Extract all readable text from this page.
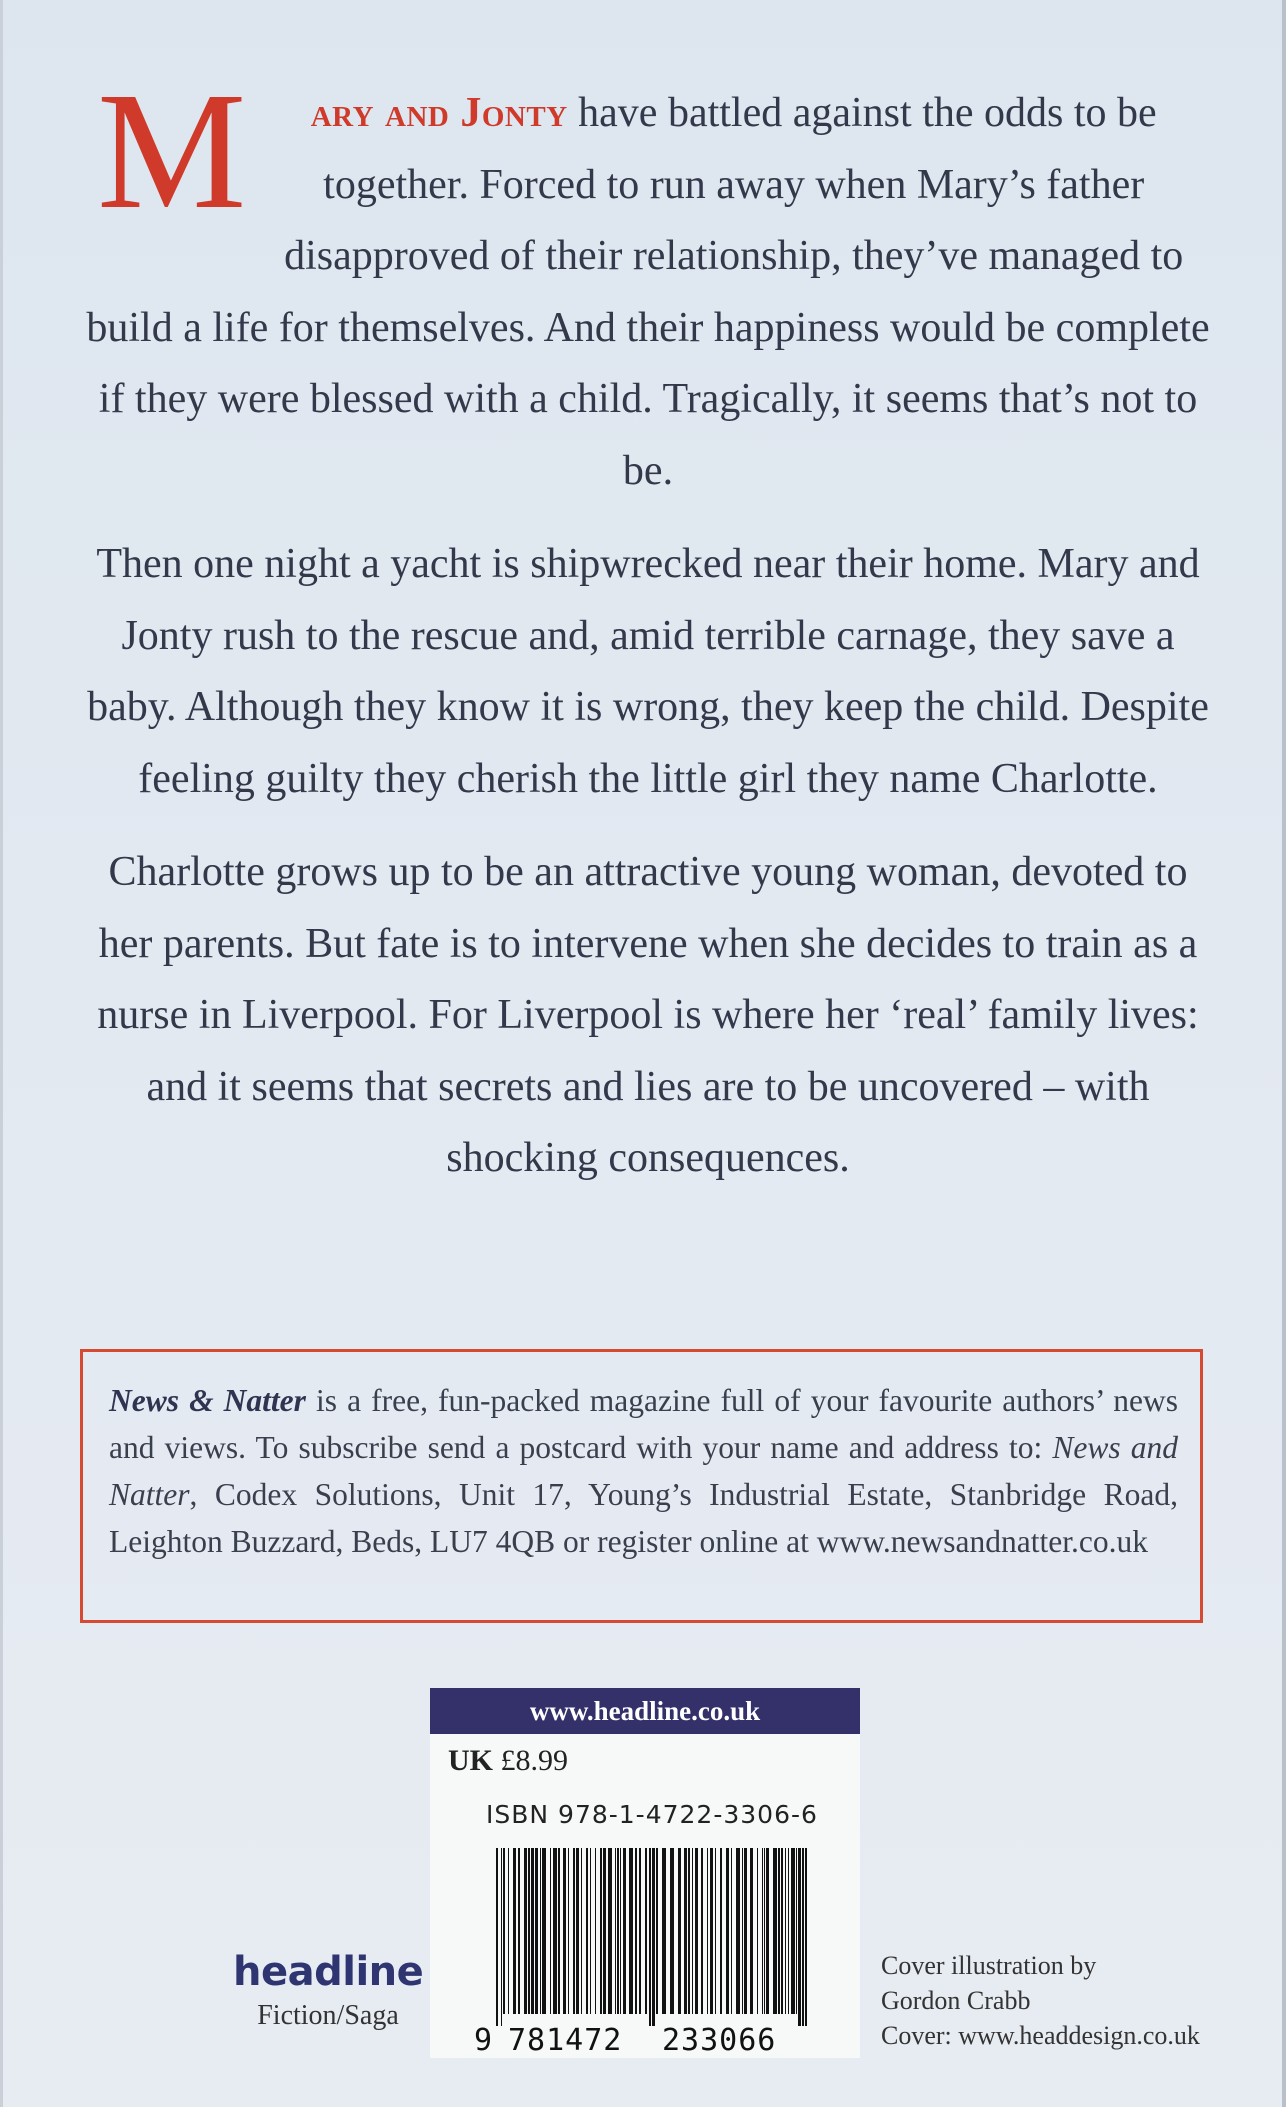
M ary and Jonty have battled against the odds to be together. Forced to run away when Mary’s father disapproved of their relationship, they’ve managed to build a life for themselves. And their happiness would be complete if they were blessed with a child. Tragically, it seems that’s not to be.

Then one night a yacht is shipwrecked near their home. Mary and Jonty rush to the rescue and, amid terrible carnage, they save a baby. Although they know it is wrong, they keep the child. Despite feeling guilty they cherish the little girl they name Charlotte.

Charlotte grows up to be an attractive young woman, devoted to her parents. But fate is to intervene when she decides to train as a nurse in Liverpool. For Liverpool is where her ‘real’ family lives: and it seems that secrets and lies are to be uncovered – with shocking consequences.

News & Natter is a free, fun-packed magazine full of your favourite authors’ news and views. To subscribe send a postcard with your name and address to: News and Natter, Codex Solutions, Unit 17, Young’s Industrial Estate, Stanbridge Road, Leighton Buzzard, Beds, LU7 4QB or register online at www.newsandnatter.co.uk
www.headline.co.uk
UK £8.99
ISBN 978-1-4722-3306-6
9 781472 233066
headline
Fiction/Saga
Cover illustration by
Gordon Crabb
Cover: www.headdesign.co.uk
